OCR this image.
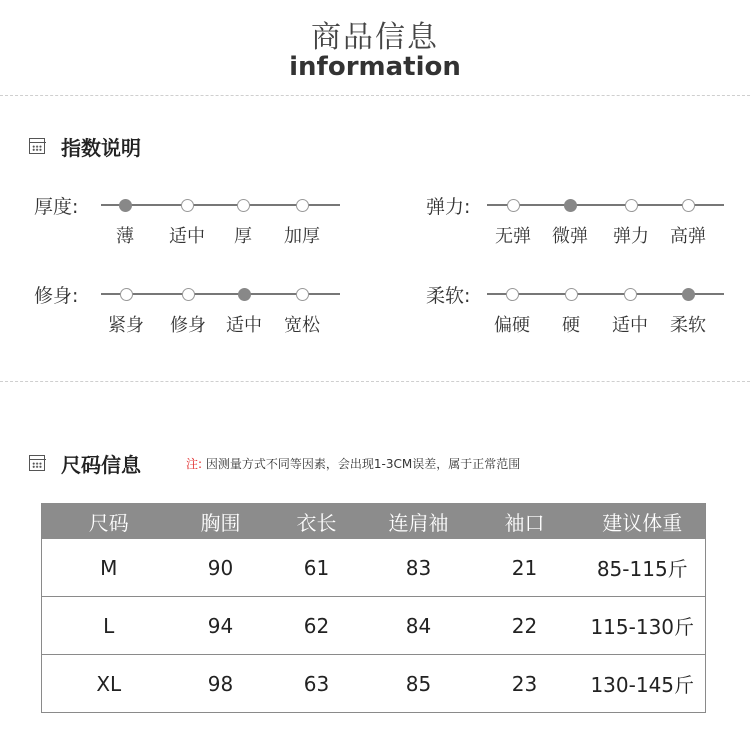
商品信息
information
指数说明
厚度:
薄	适中	厚	加厚
弹力:
无弹	微弹	弹力	高弹
修身:
紧身	修身	适中	宽松
柔软:
偏硬	硬	适中	柔软
尺码信息	注: 因测量方式不同等因素，会出现1-3CM误差，属于正常范围
尺码	胸围	衣长	连肩袖	袖口	建议体重
M	90	61	83	21	85-115斤
L	94	62	84	22	115-130斤
XL	98	63	85	23	130-145斤
